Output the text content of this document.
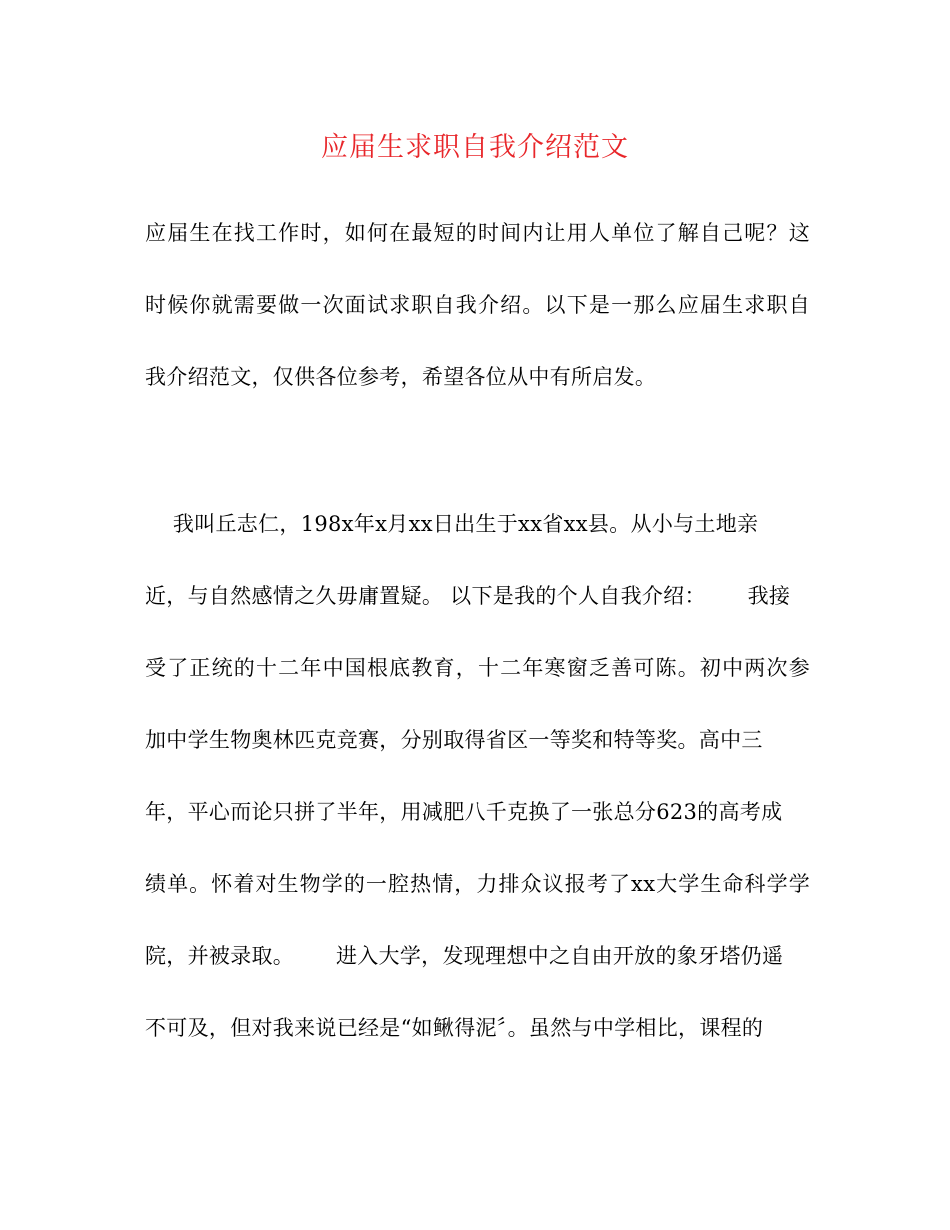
应届生求职自我介绍范文

应届生在找工作时，如何在最短的时间内让用人单位了解自己呢？这

时候你就需要做一次面试求职自我介绍。以下是一那么应届生求职自

我介绍范文，仅供各位参考，希望各位从中有所启发。

我叫丘志仁，198x年x月xx日出生于xx省xx县。从小与土地亲

近，与自然感情之久毋庸置疑。 以下是我的个人自我介绍：      我接

受了正统的十二年中国根底教育，十二年寒窗乏善可陈。初中两次参

加中学生物奥林匹克竞赛，分别取得省区一等奖和特等奖。高中三

年，平心而论只拼了半年，用减肥八千克换了一张总分623的高考成

绩单。怀着对生物学的一腔热情，力排众议报考了xx大学生命科学学

院，并被录取。      进入大学，发现理想中之自由开放的象牙塔仍遥

不可及，但对我来说已经是“如鳅得泥〞。虽然与中学相比，课程的
